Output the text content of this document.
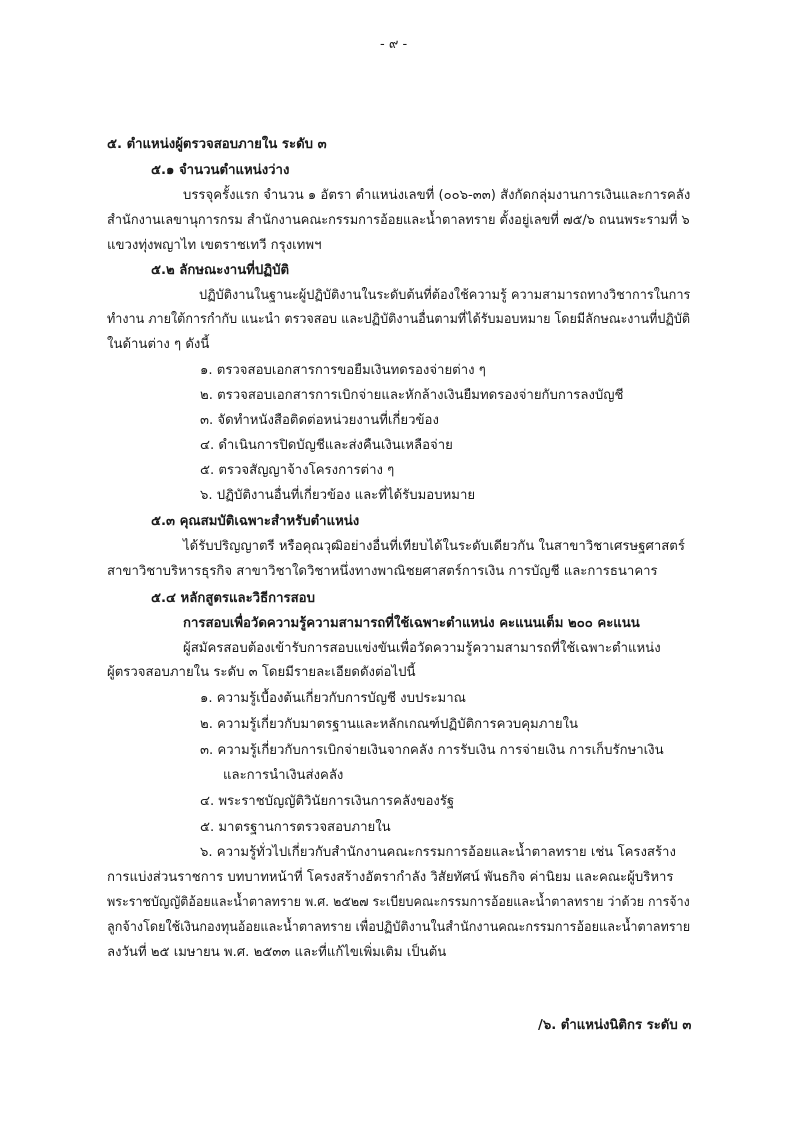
- ๙ -
๕. ตำแหน่งผู้ตรวจสอบภายใน ระดับ ๓
๕.๑ จำนวนตำแหน่งว่าง
บรรจุครั้งแรก จำนวน ๑ อัตรา ตำแหน่งเลขที่ (๐๐๖-๓๓) สังกัดกลุ่มงานการเงินและการคลัง
สำนักงานเลขานุการกรม สำนักงานคณะกรรมการอ้อยและน้ำตาลทราย ตั้งอยู่เลขที่ ๗๕/๖ ถนนพระรามที่ ๖
แขวงทุ่งพญาไท เขตราชเทวี กรุงเทพฯ
๕.๒ ลักษณะงานที่ปฏิบัติ
ปฏิบัติงานในฐานะผู้ปฏิบัติงานในระดับต้นที่ต้องใช้ความรู้ ความสามารถทางวิชาการในการ
ทำงาน ภายใต้การกำกับ แนะนำ ตรวจสอบ และปฏิบัติงานอื่นตามที่ได้รับมอบหมาย โดยมีลักษณะงานที่ปฏิบัติ
ในด้านต่าง ๆ ดังนี้
๑. ตรวจสอบเอกสารการขอยืมเงินทดรองจ่ายต่าง ๆ
๒. ตรวจสอบเอกสารการเบิกจ่ายและหักล้างเงินยืมทดรองจ่ายกับการลงบัญชี
๓. จัดทำหนังสือติดต่อหน่วยงานที่เกี่ยวข้อง
๔. ดำเนินการปิดบัญชีและส่งคืนเงินเหลือจ่าย
๕. ตรวจสัญญาจ้างโครงการต่าง ๆ
๖. ปฏิบัติงานอื่นที่เกี่ยวข้อง และที่ได้รับมอบหมาย
๕.๓ คุณสมบัติเฉพาะสำหรับตำแหน่ง
ได้รับปริญญาตรี หรือคุณวุฒิอย่างอื่นที่เทียบได้ในระดับเดียวกัน ในสาขาวิชาเศรษฐศาสตร์
สาขาวิชาบริหารธุรกิจ สาขาวิชาใดวิชาหนึ่งทางพาณิชยศาสตร์การเงิน การบัญชี และการธนาคาร
๕.๔ หลักสูตรและวิธีการสอบ
การสอบเพื่อวัดความรู้ความสามารถที่ใช้เฉพาะตำแหน่ง คะแนนเต็ม ๒๐๐ คะแนน
ผู้สมัครสอบต้องเข้ารับการสอบแข่งขันเพื่อวัดความรู้ความสามารถที่ใช้เฉพาะตำแหน่ง
ผู้ตรวจสอบภายใน ระดับ ๓ โดยมีรายละเอียดดังต่อไปนี้
๑. ความรู้เบื้องต้นเกี่ยวกับการบัญชี งบประมาณ
๒. ความรู้เกี่ยวกับมาตรฐานและหลักเกณฑ์ปฏิบัติการควบคุมภายใน
๓. ความรู้เกี่ยวกับการเบิกจ่ายเงินจากคลัง การรับเงิน การจ่ายเงิน การเก็บรักษาเงิน
และการนำเงินส่งคลัง
๔. พระราชบัญญัติวินัยการเงินการคลังของรัฐ
๕. มาตรฐานการตรวจสอบภายใน
๖. ความรู้ทั่วไปเกี่ยวกับสำนักงานคณะกรรมการอ้อยและน้ำตาลทราย เช่น โครงสร้าง
การแบ่งส่วนราชการ บทบาทหน้าที่ โครงสร้างอัตรากำลัง วิสัยทัศน์ พันธกิจ ค่านิยม และคณะผู้บริหาร
พระราชบัญญัติอ้อยและน้ำตาลทราย พ.ศ. ๒๕๒๗ ระเบียบคณะกรรมการอ้อยและน้ำตาลทราย ว่าด้วย การจ้าง
ลูกจ้างโดยใช้เงินกองทุนอ้อยและน้ำตาลทราย เพื่อปฏิบัติงานในสำนักงานคณะกรรมการอ้อยและน้ำตาลทราย
ลงวันที่ ๒๕ เมษายน พ.ศ. ๒๕๓๓ และที่แก้ไขเพิ่มเติม เป็นต้น
/๖. ตำแหน่งนิติกร ระดับ ๓
